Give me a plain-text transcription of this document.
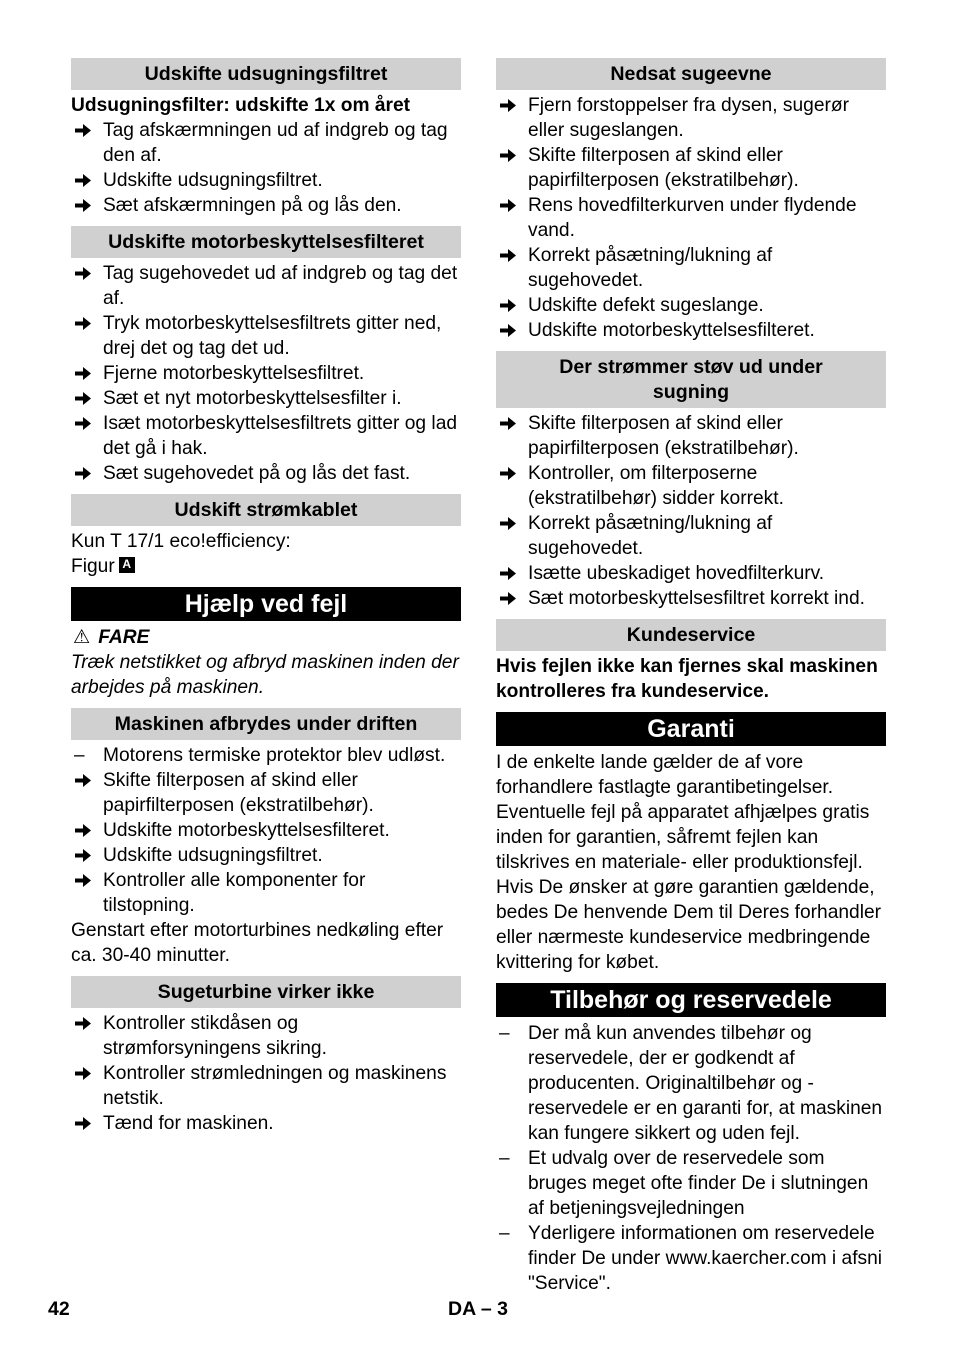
Udskifte udsugningsfiltret
Udsugningsfilter: udskifte 1x om året
Tag afskærmningen ud af indgreb og tag den af.
Udskifte udsugningsfiltret.
Sæt afskærmningen på og lås den.
Udskifte motorbeskyttelsesfilteret
Tag sugehovedet ud af indgreb og tag det af.
Tryk motorbeskyttelsesfiltrets gitter ned, drej det og tag det ud.
Fjerne motorbeskyttelsesfiltret.
Sæt et nyt motorbeskyttelsesfilter i.
Isæt motorbeskyttelsesfiltrets gitter og lad det gå i hak.
Sæt sugehovedet på og lås det fast.
Udskift strømkablet
Kun T 17/1 eco!efficiency:
Figur A
Hjælp ved fejl
⚠ FARE
Træk netstikket og afbryd maskinen inden der arbejdes på maskinen.
Maskinen afbrydes under driften
– Motorens termiske protektor blev udløst.
Skifte filterposen af skind eller papirfilterposen (ekstratilbehør).
Udskifte motorbeskyttelsesfilteret.
Udskifte udsugningsfiltret.
Kontroller alle komponenter for tilstopning.
Genstart efter motorturbines nedkøling efter ca. 30-40 minutter.
Sugeturbine virker ikke
Kontroller stikdåsen og strømforsyningens sikring.
Kontroller strømledningen og maskinens netstik.
Tænd for maskinen.
Nedsat sugeevne
Fjern forstoppelser fra dysen, sugerør eller sugeslangen.
Skifte filterposen af skind eller papirfilterposen (ekstratilbehør).
Rens hovedfilterkurven under flydende vand.
Korrekt påsætning/lukning af sugehovedet.
Udskifte defekt sugeslange.
Udskifte motorbeskyttelsesfilteret.
Der strømmer støv ud under sugning
Skifte filterposen af skind eller papirfilterposen (ekstratilbehør).
Kontroller, om filterposerne (ekstratilbehør) sidder korrekt.
Korrekt påsætning/lukning af sugehovedet.
Isætte ubeskadiget hovedfilterkurv.
Sæt motorbeskyttelsesfiltret korrekt ind.
Kundeservice
Hvis fejlen ikke kan fjernes skal maskinen kontrolleres fra kundeservice.
Garanti
I de enkelte lande gælder de af vore forhandlere fastlagte garantibetingelser. Eventuelle fejl på apparatet afhjælpes gratis inden for garantien, såfremt fejlen kan tilskrives en materiale- eller produktionsfejl. Hvis De ønsker at gøre garantien gældende, bedes De henvende Dem til Deres forhandler eller nærmeste kundeservice medbringende kvittering for købet.
Tilbehør og reservedele
– Der må kun anvendes tilbehør og reservedele, der er godkendt af producenten. Originaltilbehør og -reservedele er en garanti for, at maskinen kan fungere sikkert og uden fejl.
– Et udvalg over de reservedele som bruges meget ofte finder De i slutningen af betjeningsvejledningen
– Yderligere informationen om reservedele finder De under www.kaercher.com i afsni "Service".
42	DA – 3
